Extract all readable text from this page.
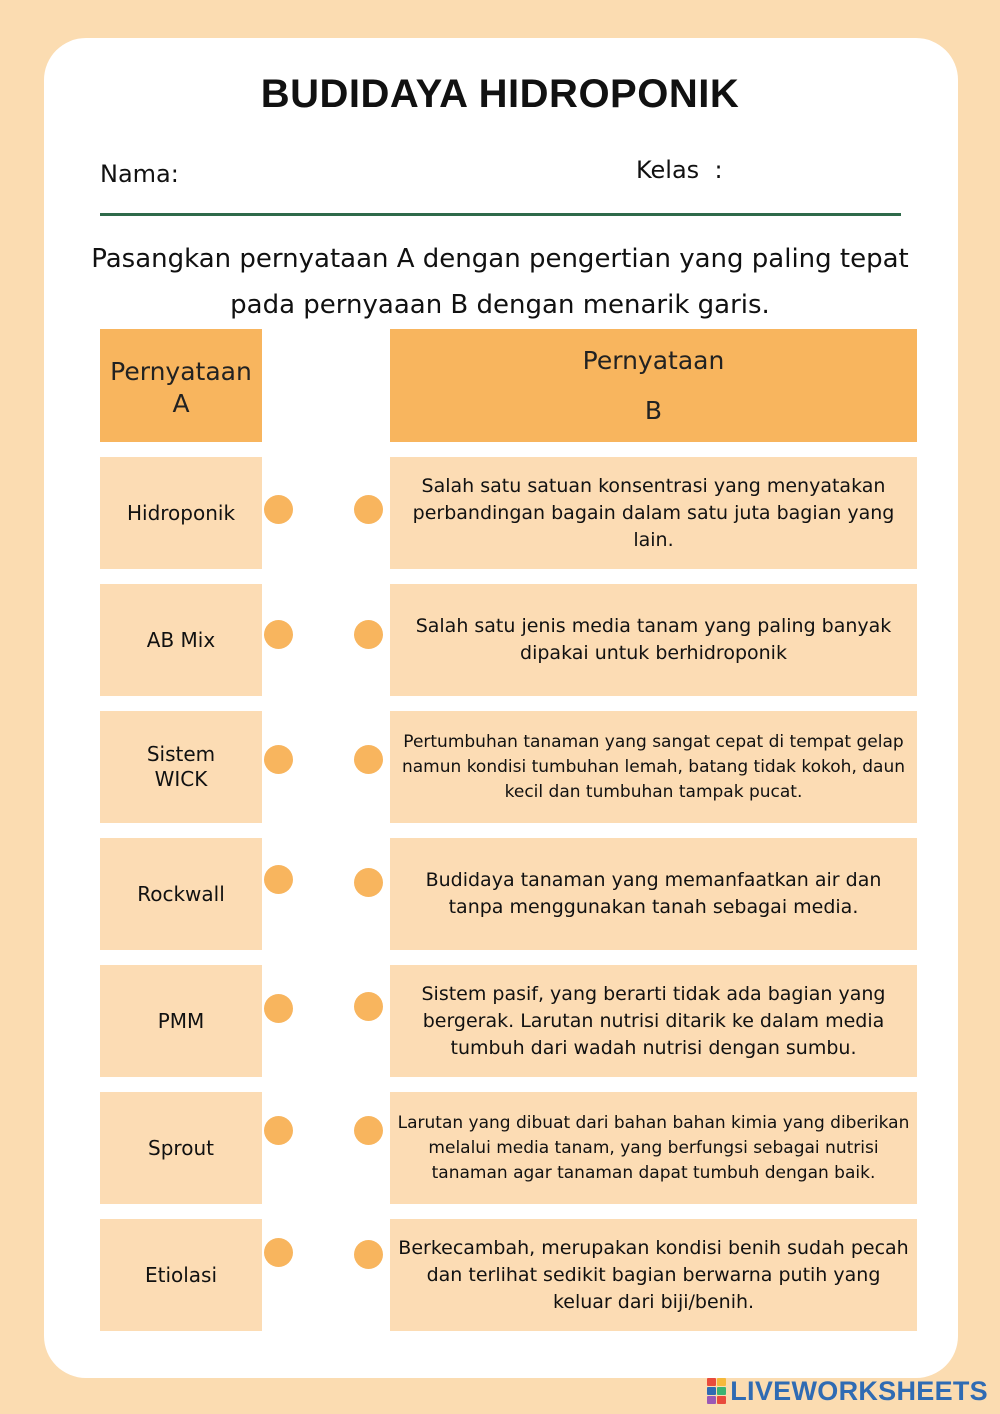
BUDIDAYA HIDROPONIK
Nama:	Kelas  :
Pasangkan pernyataan A dengan pengertian yang paling tepat pada pernyaaan B dengan menarik garis.
Pernyataan
A
Pernyataan
B
Hidroponik
Salah satu satuan konsentrasi yang menyatakan perbandingan bagain dalam satu juta bagian yang lain.
AB Mix
Salah satu jenis media tanam yang paling banyak dipakai untuk berhidroponik
Sistem
WICK
Pertumbuhan tanaman yang sangat cepat di tempat gelap namun kondisi tumbuhan lemah, batang tidak kokoh, daun kecil dan tumbuhan tampak pucat.
Rockwall
Budidaya tanaman yang memanfaatkan air dan tanpa menggunakan tanah sebagai media.
PMM
Sistem pasif, yang berarti tidak ada bagian yang bergerak. Larutan nutrisi ditarik ke dalam media tumbuh dari wadah nutrisi dengan sumbu.
Sprout
Larutan yang dibuat dari bahan bahan kimia yang diberikan melalui media tanam, yang berfungsi sebagai nutrisi tanaman agar tanaman dapat tumbuh dengan baik.
Etiolasi
Berkecambah, merupakan kondisi benih sudah pecah dan terlihat sedikit bagian berwarna putih yang keluar dari biji/benih.
LIVEWORKSHEETS
